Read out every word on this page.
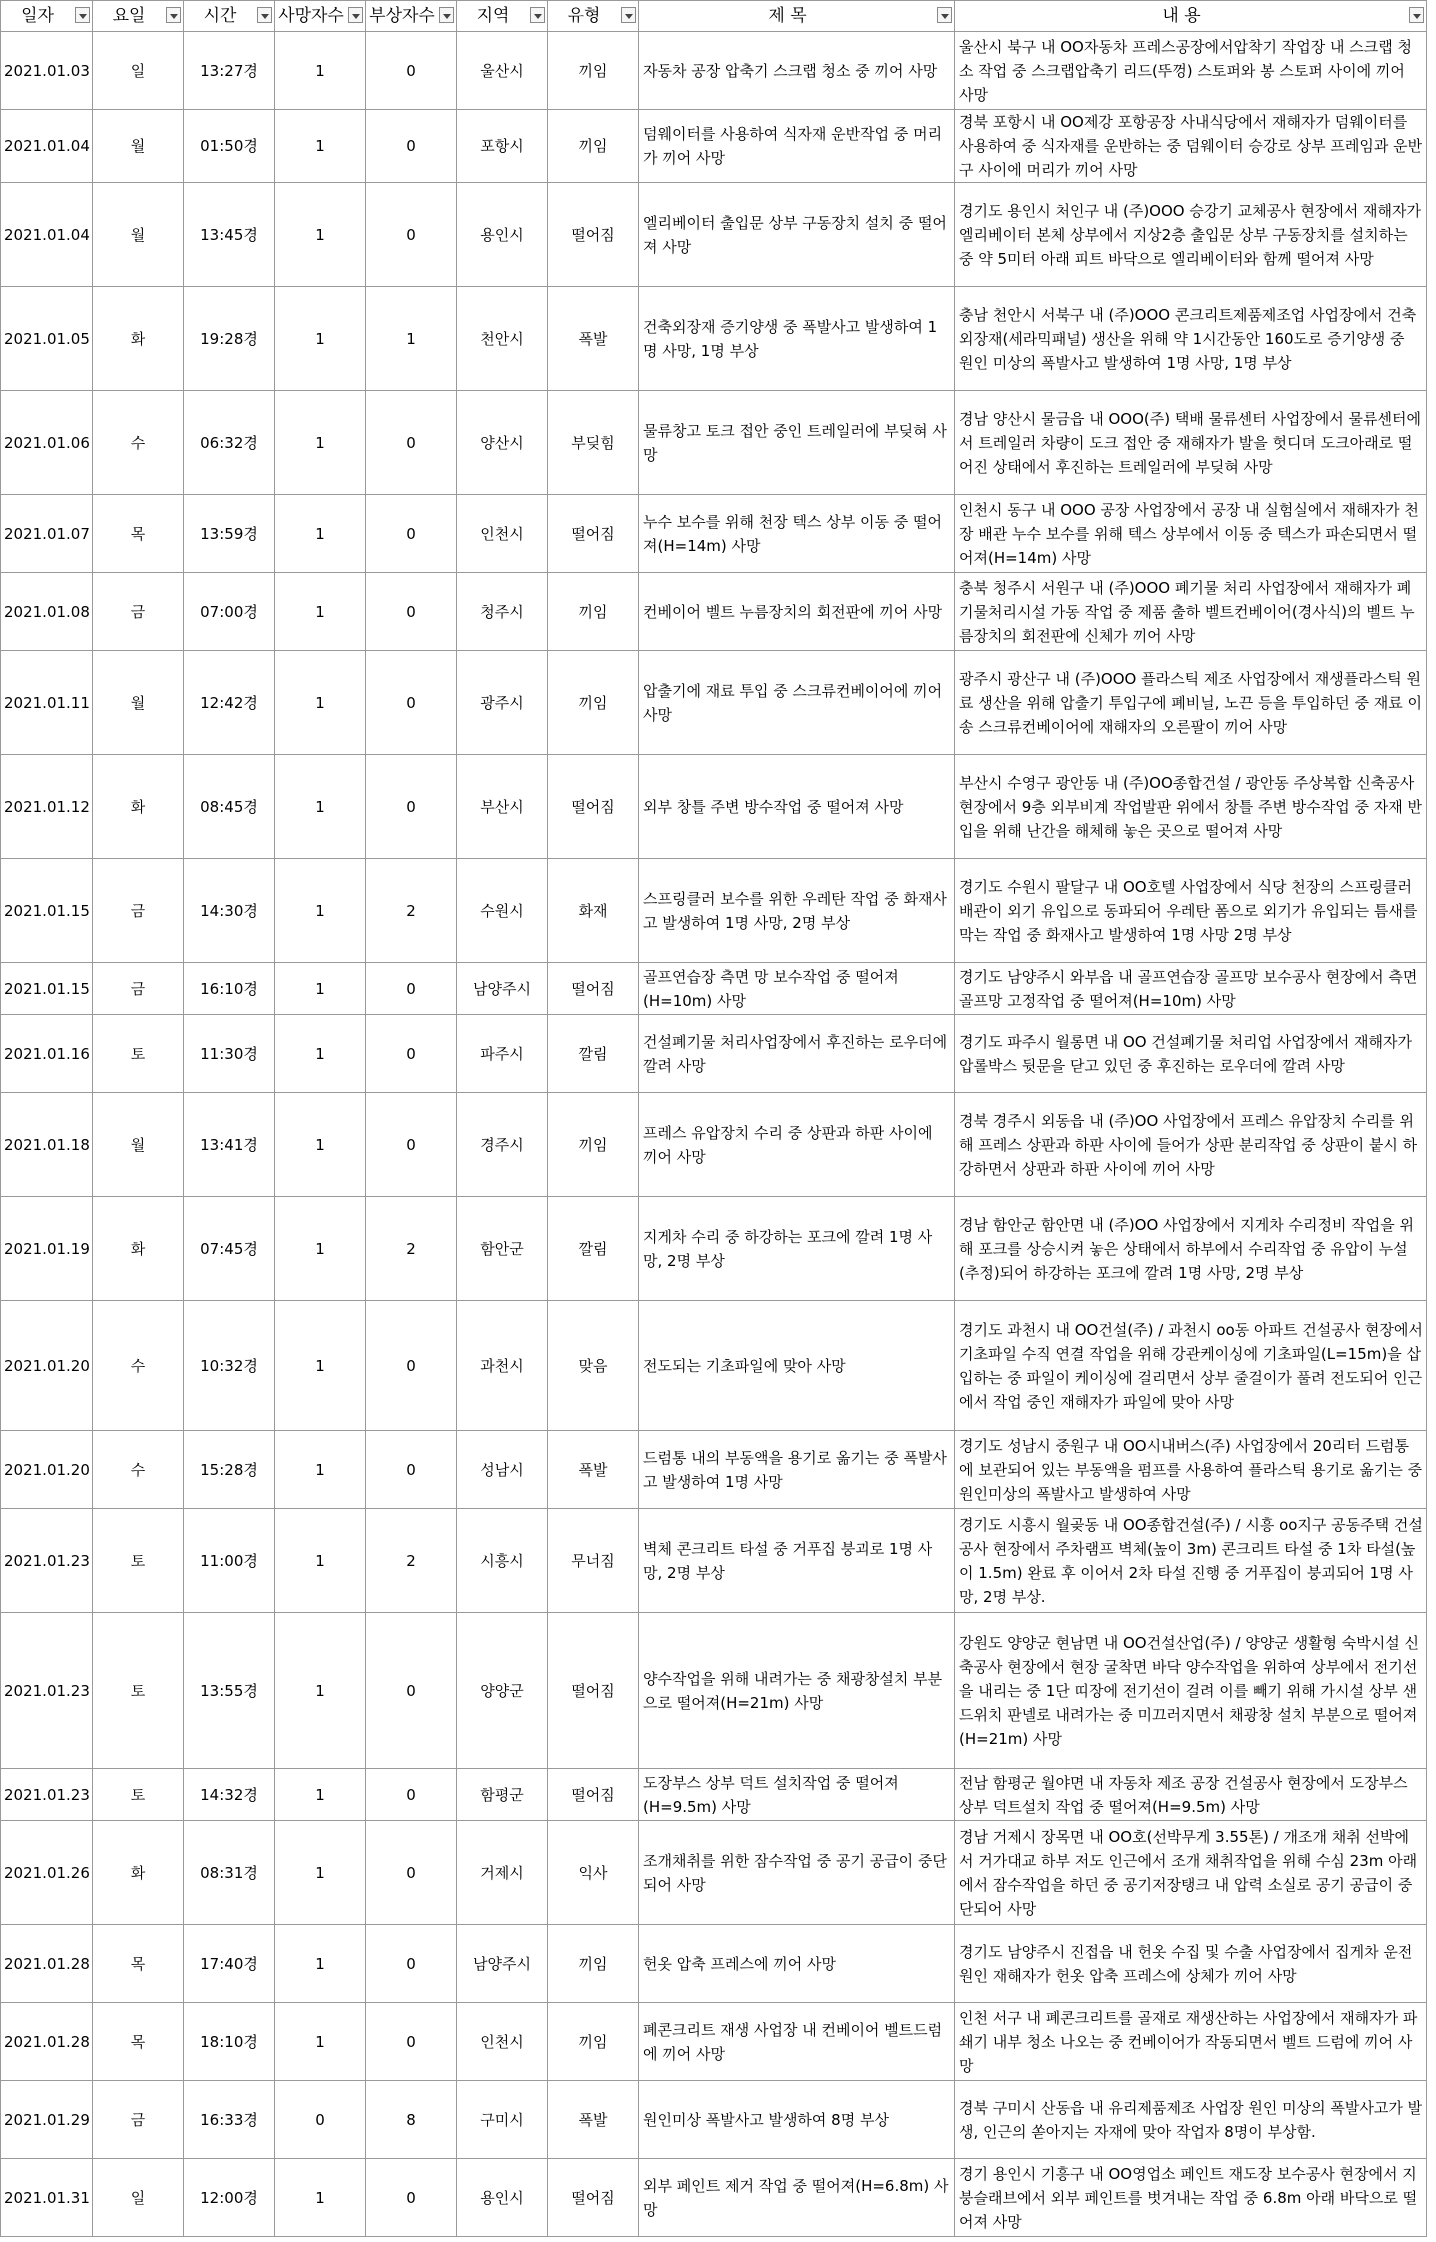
일자	요일	시간	사망자수	부상자수	지역	유형	제 목	내 용

2021.01.03	일	13:27경	1	0	울산시	끼임	자동차 공장 압축기 스크랩 청소 중 끼어 사망	울산시 북구 내 OO자동차 프레스공장에서압착기 작업장 내 스크랩 청소 작업 중 스크랩압축기 리드(뚜껑) 스토퍼와 봉 스토퍼 사이에 끼어 사망
2021.01.04	월	01:50경	1	0	포항시	끼임	덤웨이터를 사용하여 식자재 운반작업 중 머리가 끼어 사망	경북 포항시 내 OO제강 포항공장 사내식당에서 재해자가 덤웨이터를 사용하여 중 식자재를 운반하는 중 덤웨이터 승강로 상부 프레임과 운반구 사이에 머리가 끼어 사망
2021.01.04	월	13:45경	1	0	용인시	떨어짐	엘리베이터 출입문 상부 구동장치 설치 중 떨어져 사망	경기도 용인시 처인구 내 (주)OOO 승강기 교체공사 현장에서 재해자가 엘리베이터 본체 상부에서 지상2층 출입문 상부 구동장치를 설치하는 중 약 5미터 아래 피트 바닥으로 엘리베이터와 함께 떨어져 사망
2021.01.05	화	19:28경	1	1	천안시	폭발	건축외장재 증기양생 중 폭발사고 발생하여 1명 사망, 1명 부상	충남 천안시 서북구 내 (주)OOO 콘크리트제품제조업 사업장에서 건축 외장재(세라믹패널) 생산을 위해 약 1시간동안 160도로 증기양생 중 원인 미상의 폭발사고 발생하여 1명 사망, 1명 부상
2021.01.06	수	06:32경	1	0	양산시	부딪힘	물류창고 토크 접안 중인 트레일러에 부딪혀 사망	경남 양산시 물금읍 내 OOO(주) 택배 물류센터 사업장에서 물류센터에서 트레일러 차량이 도크 접안 중 재해자가 발을 헛디뎌 도크아래로 떨어진 상태에서 후진하는 트레일러에 부딪혀 사망
2021.01.07	목	13:59경	1	0	인천시	떨어짐	누수 보수를 위해 천장 텍스 상부 이동 중 떨어져(H=14m) 사망	인천시 동구 내 OOO 공장 사업장에서 공장 내 실험실에서 재해자가 천장 배관 누수 보수를 위해 텍스 상부에서 이동 중 텍스가 파손되면서 떨어져(H=14m) 사망
2021.01.08	금	07:00경	1	0	청주시	끼임	컨베이어 벨트 누름장치의 회전판에 끼어 사망	충북 청주시 서원구 내 (주)OOO 폐기물 처리 사업장에서 재해자가 폐기물처리시설 가동 작업 중 제품 출하 벨트컨베이어(경사식)의 벨트 누름장치의 회전판에 신체가 끼어 사망
2021.01.11	월	12:42경	1	0	광주시	끼임	압출기에 재료 투입 중 스크류컨베이어에 끼어 사망	광주시 광산구 내 (주)OOO 플라스틱 제조 사업장에서 재생플라스틱 원료 생산을 위해 압출기 투입구에 폐비닐, 노끈 등을 투입하던 중 재료 이송 스크류컨베이어에 재해자의 오른팔이 끼어 사망
2021.01.12	화	08:45경	1	0	부산시	떨어짐	외부 창틀 주변 방수작업 중 떨어져 사망	부산시 수영구 광안동 내 (주)OO종합건설 / 광안동 주상복합 신축공사 현장에서 9층 외부비계 작업발판 위에서 창틀 주변 방수작업 중 자재 반입을 위해 난간을 해체해 놓은 곳으로 떨어져 사망
2021.01.15	금	14:30경	1	2	수원시	화재	스프링클러 보수를 위한 우레탄 작업 중 화재사고 발생하여 1명 사망, 2명 부상	경기도 수원시 팔달구 내 OO호텔 사업장에서 식당 천장의 스프링클러 배관이 외기 유입으로 동파되어 우레탄 폼으로 외기가 유입되는 틈새를 막는 작업 중 화재사고 발생하여 1명 사망 2명 부상
2021.01.15	금	16:10경	1	0	남양주시	떨어짐	골프연습장 측면 망 보수작업 중 떨어져(H=10m) 사망	경기도 남양주시 와부읍 내 골프연습장 골프망 보수공사 현장에서 측면 골프망 고정작업 중 떨어져(H=10m) 사망
2021.01.16	토	11:30경	1	0	파주시	깔림	건설폐기물 처리사업장에서 후진하는 로우더에 깔려 사망	경기도 파주시 월롱면 내 OO 건설폐기물 처리업 사업장에서 재해자가 압롤박스 뒷문을 닫고 있던 중 후진하는 로우더에 깔려 사망
2021.01.18	월	13:41경	1	0	경주시	끼임	프레스 유압장치 수리 중 상판과 하판 사이에 끼어 사망	경북 경주시 외동읍 내 (주)OO 사업장에서 프레스 유압장치 수리를 위해 프레스 상판과 하판 사이에 들어가 상판 분리작업 중 상판이 붙시 하강하면서 상판과 하판 사이에 끼어 사망
2021.01.19	화	07:45경	1	2	함안군	깔림	지게차 수리 중 하강하는 포크에 깔려 1명 사망, 2명 부상	경남 함안군 함안면 내 (주)OO 사업장에서 지게차 수리정비 작업을 위해 포크를 상승시켜 놓은 상태에서 하부에서 수리작업 중 유압이 누설(추정)되어 하강하는 포크에 깔려 1명 사망, 2명 부상
2021.01.20	수	10:32경	1	0	과천시	맞음	전도되는 기초파일에 맞아 사망	경기도 과천시 내 OO건설(주) / 과천시 oo동 아파트 건설공사 현장에서 기초파일 수직 연결 작업을 위해 강관케이싱에 기초파일(L=15m)을 삽입하는 중 파일이 케이싱에 걸리면서 상부 줄걸이가 풀려 전도되어 인근에서 작업 중인 재해자가 파일에 맞아 사망
2021.01.20	수	15:28경	1	0	성남시	폭발	드럼통 내의 부동액을 용기로 옮기는 중 폭발사고 발생하여 1명 사망	경기도 성남시 중원구 내 OO시내버스(주) 사업장에서 20리터 드럼통에 보관되어 있는 부동액을 펌프를 사용하여 플라스틱 용기로 옮기는 중 원인미상의 폭발사고 발생하여 사망
2021.01.23	토	11:00경	1	2	시흥시	무너짐	벽체 콘크리트 타설 중 거푸집 붕괴로 1명 사망, 2명 부상	경기도 시흥시 월곶동 내 OO종합건설(주) / 시흥 oo지구 공동주택 건설공사 현장에서 주차램프 벽체(높이 3m) 콘크리트 타설 중 1차 타설(높이 1.5m) 완료 후 이어서 2차 타설 진행 중 거푸집이 붕괴되어 1명 사망, 2명 부상.
2021.01.23	토	13:55경	1	0	양양군	떨어짐	양수작업을 위해 내려가는 중 채광창설치 부분으로 떨어져(H=21m) 사망	강원도 양양군 현남면 내 OO건설산업(주) / 양양군 생활형 숙박시설 신축공사 현장에서 현장 굴착면 바닥 양수작업을 위하여 상부에서 전기선을 내리는 중 1단 띠장에 전기선이 걸려 이를 빼기 위해 가시설 상부 샌드위치 판넬로 내려가는 중 미끄러지면서 채광창 설치 부분으로 떨어져(H=21m) 사망
2021.01.23	토	14:32경	1	0	함평군	떨어짐	도장부스 상부 덕트 설치작업 중 떨어져(H=9.5m) 사망	전남 함평군 월야면 내 자동차 제조 공장 건설공사 현장에서 도장부스 상부 덕트설치 작업 중 떨어져(H=9.5m) 사망
2021.01.26	화	08:31경	1	0	거제시	익사	조개채취를 위한 잠수작업 중 공기 공급이 중단되어 사망	경남 거제시 장목면 내 OO호(선박무게 3.55톤) / 개조개 채취 선박에서 거가대교 하부 저도 인근에서 조개 채취작업을 위해 수심 23m 아래에서 잠수작업을 하던 중 공기저장탱크 내 압력 소실로 공기 공급이 중단되어 사망
2021.01.28	목	17:40경	1	0	남양주시	끼임	헌옷 압축 프레스에 끼어 사망	경기도 남양주시 진접읍 내 헌옷 수집 및 수출 사업장에서 집게차 운전원인 재해자가 헌옷 압축 프레스에 상체가 끼어 사망
2021.01.28	목	18:10경	1	0	인천시	끼임	폐콘크리트 재생 사업장 내 컨베이어 벨트드럼에 끼어 사망	인천 서구 내 폐콘크리트를 골재로 재생산하는 사업장에서 재해자가 파쇄기 내부 청소 나오는 중 컨베이어가 작동되면서 벨트 드럼에 끼어 사망
2021.01.29	금	16:33경	0	8	구미시	폭발	원인미상 폭발사고 발생하여 8명 부상	경북 구미시 산동읍 내 유리제품제조 사업장 원인 미상의 폭발사고가 발생, 인근의 쏟아지는 자재에 맞아 작업자 8명이 부상함.
2021.01.31	일	12:00경	1	0	용인시	떨어짐	외부 페인트 제거 작업 중 떨어져(H=6.8m) 사망	경기 용인시 기흥구 내 OO영업소 페인트 재도장 보수공사 현장에서 지붕슬래브에서 외부 페인트를 벗겨내는 작업 중 6.8m 아래 바닥으로 떨어져 사망
